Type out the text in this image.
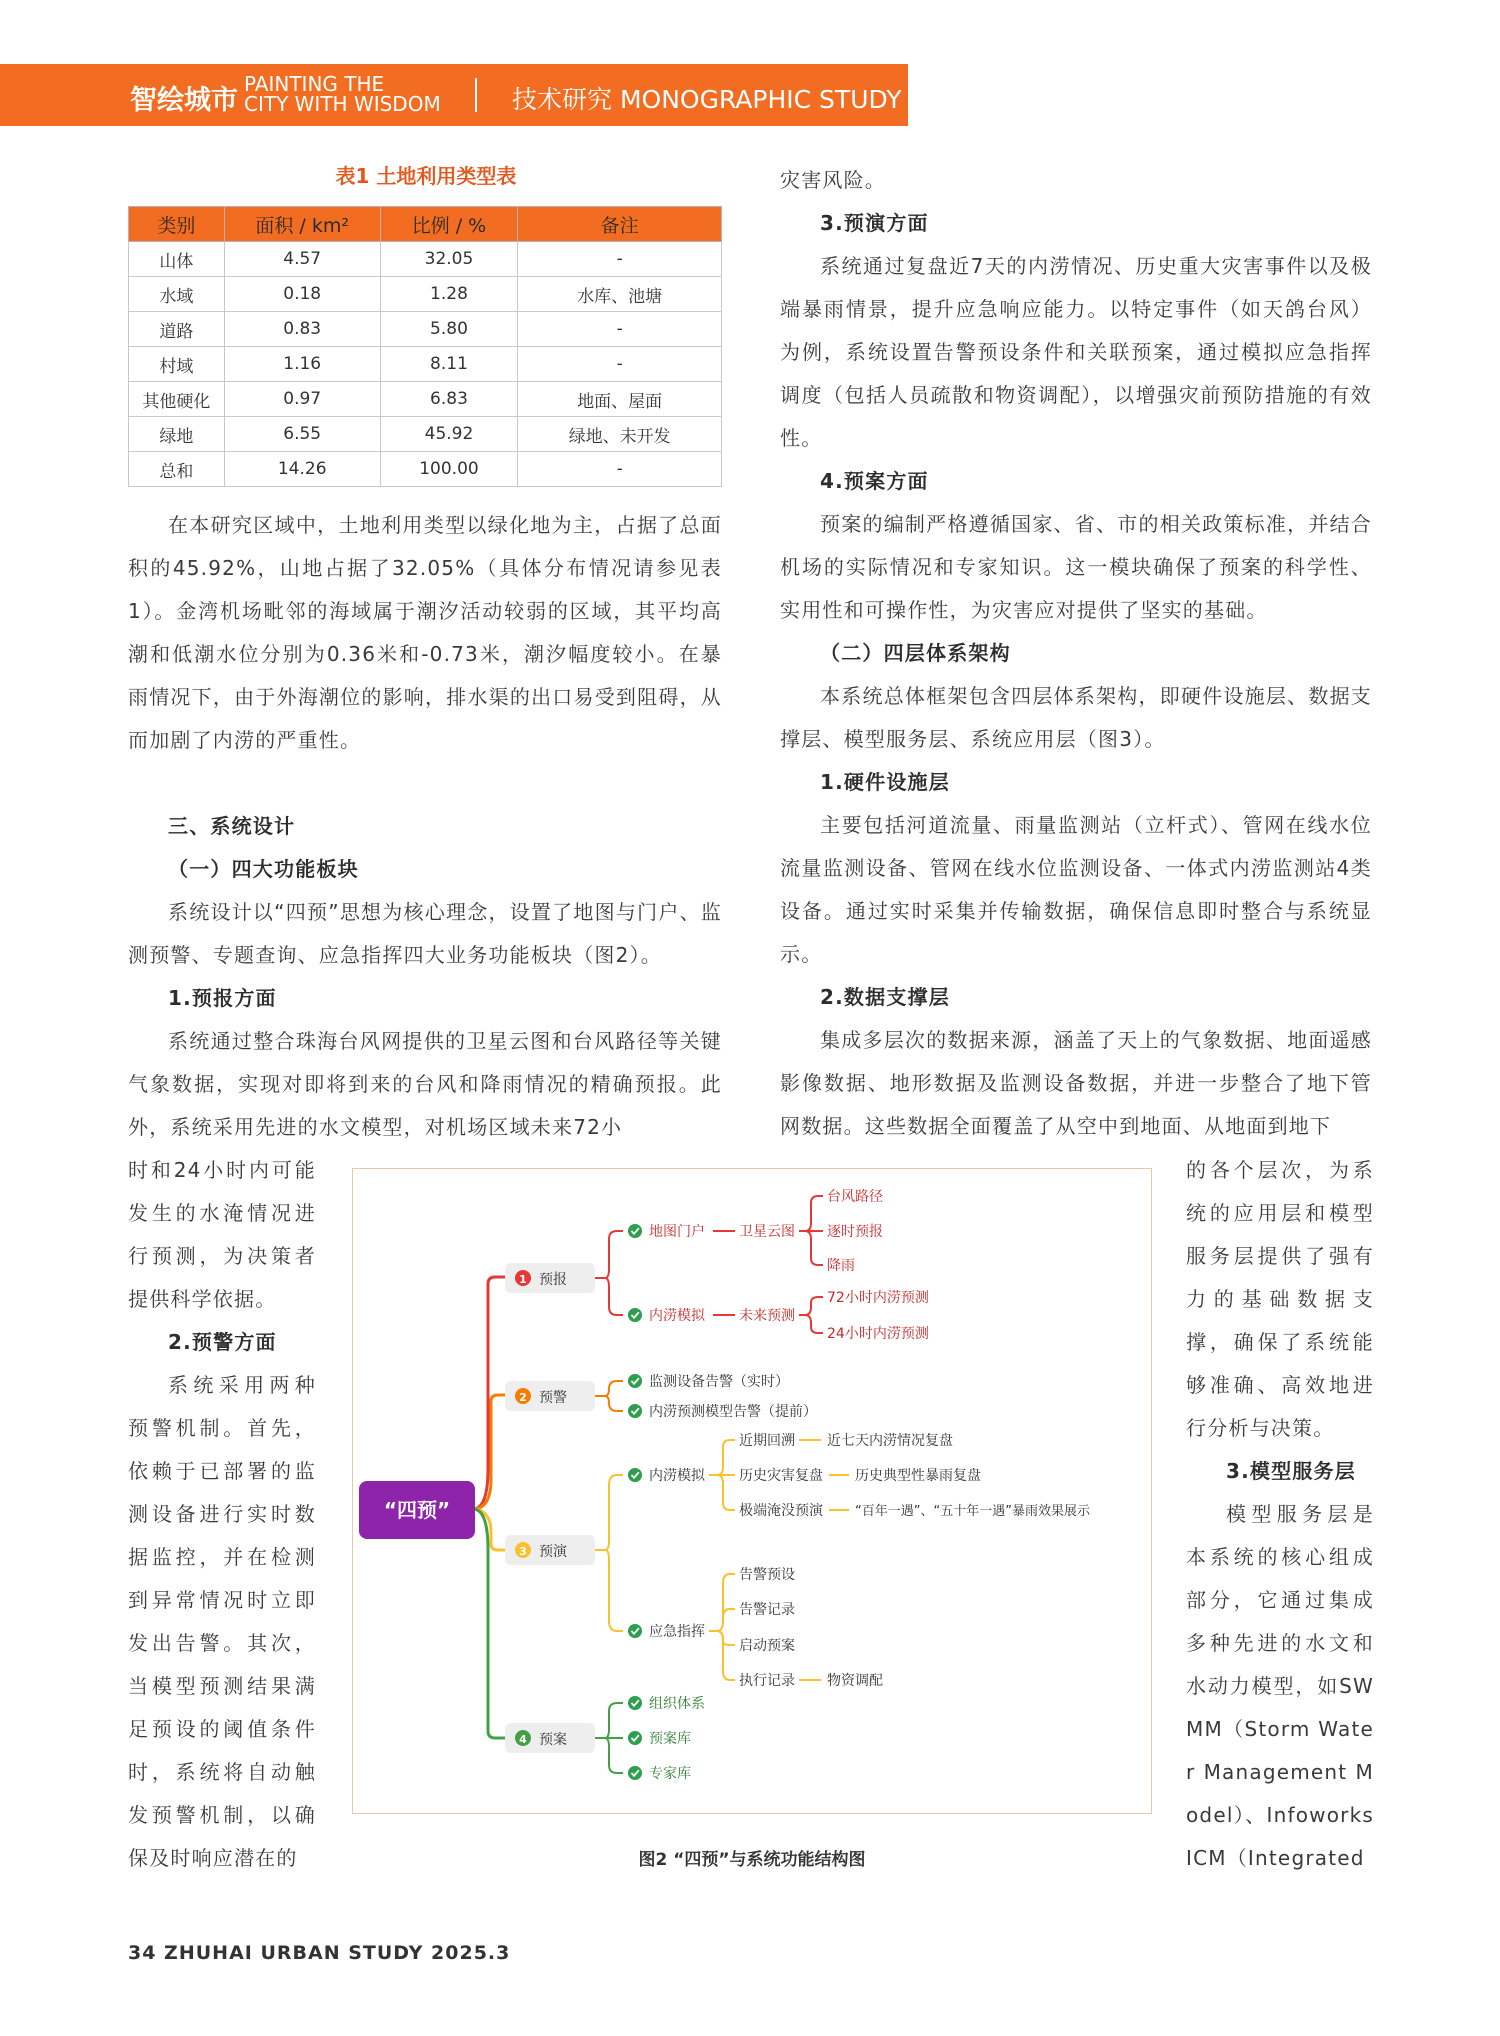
智绘城市
PAINTING THE
CITY WITH WISDOM	技术研究 MONOGRAPHIC STUDY
表1 土地利用类型表
类别	面积 / km²	比例 / %	备注
山体	4.57	32.05	-
水域	0.18	1.28	水库、池塘
道路	0.83	5.80	-
村域	1.16	8.11	-
其他硬化	0.97	6.83	地面、屋面
绿地	6.55	45.92	绿地、未开发
总和	14.26	100.00	-

在本研究区域中，土地利用类型以绿化地为主，占据了总面积的45.92%，山地占据了32.05%（具体分布情况请参见表1）。金湾机场毗邻的海域属于潮汐活动较弱的区域，其平均高潮和低潮水位分别为0.36米和-0.73米，潮汐幅度较小。在暴雨情况下，由于外海潮位的影响，排水渠的出口易受到阻碍，从而加剧了内涝的严重性。

三、系统设计

（一）四大功能板块

系统设计以“四预”思想为核心理念，设置了地图与门户、监测预警、专题查询、应急指挥四大业务功能板块（图2）。

1.预报方面

系统通过整合珠海台风网提供的卫星云图和台风路径等关键气象数据，实现对即将到来的台风和降雨情况的精确预报。此外，系统采用先进的水文模型，对机场区域未来72小

时和24小时内可能发生的水淹情况进行预测，为决策者提供科学依据。

2.预警方面

系统采用两种预警机制。首先，依赖于已部署的监测设备进行实时数据监控，并在检测到异常情况时立即发出告警。其次，当模型预测结果满足预设的阈值条件时，系统将自动触发预警机制，以确保及时响应潜在的

灾害风险。

3.预演方面

系统通过复盘近7天的内涝情况、历史重大灾害事件以及极端暴雨情景，提升应急响应能力。以特定事件（如天鸽台风）为例，系统设置告警预设条件和关联预案，通过模拟应急指挥调度（包括人员疏散和物资调配），以增强灾前预防措施的有效性。

4.预案方面

预案的编制严格遵循国家、省、市的相关政策标准，并结合机场的实际情况和专家知识。这一模块确保了预案的科学性、实用性和可操作性，为灾害应对提供了坚实的基础。

（二）四层体系架构

本系统总体框架包含四层体系架构，即硬件设施层、数据支撑层、模型服务层、系统应用层（图3）。

1.硬件设施层

主要包括河道流量、雨量监测站（立杆式）、管网在线水位流量监测设备、管网在线水位监测设备、一体式内涝监测站4类设备。通过实时采集并传输数据，确保信息即时整合与系统显示。

2.数据支撑层

集成多层次的数据来源，涵盖了天上的气象数据、地面遥感影像数据、地形数据及监测设备数据，并进一步整合了地下管网数据。这些数据全面覆盖了从空中到地面、从地面到地下

的各个层次，为系统的应用层和模型服务层提供了强有力的基础数据支撑，确保了系统能够准确、高效地进行分析与决策。

3.模型服务层

模型服务层是本系统的核心组成部分，它通过集成多种先进的水文和水动力模型，如SWMM（Storm Water Management Model）、InfoworksICM（Integrated

“四预”
1 预报
2 预警
3 预演
4 预案
地图门户 卫星云图
台风路径
逐时预报
降雨
内涝模拟 未来预测
72小时内涝预测
24小时内涝预测
监测设备告警（实时）
内涝预测模型告警（提前）
内涝模拟
近期回溯 近七天内涝情况复盘
历史灾害复盘 历史典型性暴雨复盘
极端淹没预演 “百年一遇”、“五十年一遇”暴雨效果展示
应急指挥
告警预设
告警记录
启动预案
执行记录 物资调配
组织体系
预案库
专家库
图2 “四预”与系统功能结构图
34 ZHUHAI URBAN STUDY 2025.3
